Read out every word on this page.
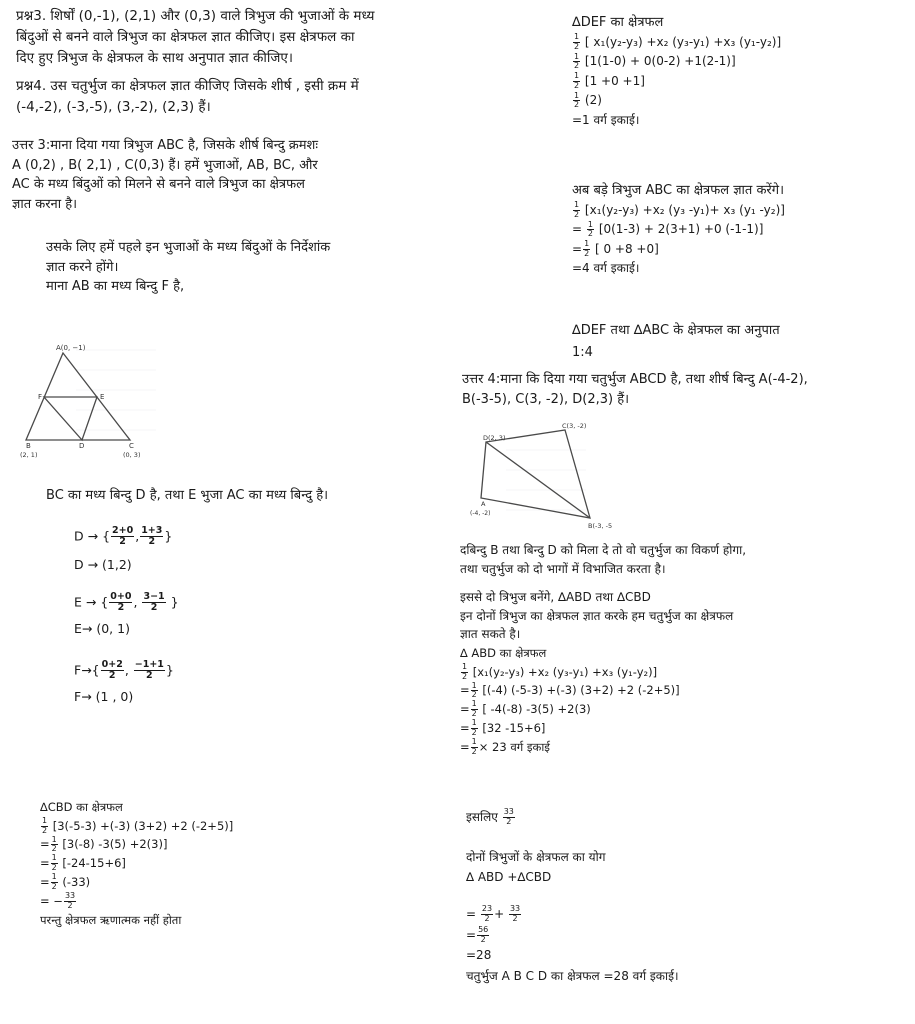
प्रश्न3. शिर्षों (0,-1), (2,1) और (0,3) वाले त्रिभुज की भुजाओं के मध्य
बिंदुओं से बनने वाले त्रिभुज का क्षेत्रफल ज्ञात कीजिए। इस क्षेत्रफल का
दिए हुए त्रिभुज के क्षेत्रफल के साथ अनुपात ज्ञात कीजिए।
प्रश्न4. उस चतुर्भुज का क्षेत्रफल ज्ञात कीजिए जिसके शीर्ष , इसी क्रम में
(-4,-2), (-3,-5), (3,-2), (2,3) हैं।
उत्तर 3:माना दिया गया त्रिभुज ABC है, जिसके शीर्ष बिन्दु क्रमशः
A (0,2) , B( 2,1) , C(0,3) हैं। हमें भुजाओं, AB, BC, और
AC के मध्य बिंदुओं को मिलने से बनने वाले त्रिभुज का क्षेत्रफल
ज्ञात करना है।
उसके लिए हमें पहले इन भुजाओं के मध्य बिंदुओं के निर्देशांक
ज्ञात करने होंगे।
माना AB का मध्य बिन्दु F है,
A(0, −1)
F	E
B
(2, 1)
D	C
(0, 3)
BC का मध्य बिन्दु D है, तथा E भुजा AC का मध्य बिन्दु है।
D → { $\frac{2+0}{2}$ , $\frac{1+3}{2}$ }
D → (1,2)
E → { $\frac{0+0}{2}$ , $\frac{3-1}{2}$ }
E→ (0, 1)
$F\to\{ \frac{0+2}{2}$ , $\frac{-1+1}{2}$ }
F→ (1 , 0)
∆CBD का क्षेत्रफल
$\frac{1}{2} [3(-5-3) +(-3)$ (3+2) +2 (-2+5)]
= $\frac{1}{2} [3(-8)$ -3(5) +2(3)]
= $\frac{1}{2} [-24-15+6]$
= $\frac{1}{2} (-33)$
= − $\frac{33}{2}$
परन्तु क्षेत्रफल ऋणात्मक नहीं होता
∆DEF का क्षेत्रफल
$\frac{1}{2}$ [ x₁(y₂-y₃) +x₂ (y₃-y₁) +x₃ (y₁-y₂)]
$\frac{1}{2} [1(1-0) + 0(0-2) +1(2-1)]$
$\frac{1}{2} [1 +0 +1]$
$\frac{1}{2} (2)$
=1 वर्ग इकाई।
अब बड़े त्रिभुज ABC का क्षेत्रफल ज्ञात करेंगे।
$\frac{1}{2} [x_1(y_2-y_3) +x_2$ (y₃ -y₁)+ x₃ (y₁ -y₂)]
= $\frac{1}{2} [0(1-3) + 2(3+1) +0$ (-1-1)]
= $\frac{1}{2}$ [ 0 +8 +0]
=4 वर्ग इकाई।
∆DEF तथा ∆ABC के क्षेत्रफल का अनुपात
1:4
उत्तर 4:माना कि दिया गया चतुर्भुज ABCD है, तथा शीर्ष बिन्दु A(-4-2),
B(-3-5), C(3, -2), D(2,3) हैं।
D(2, 3)
C(3, -2)
A
(-4, -2)
B(-3, -5
दबिन्दु B तथा बिन्दु D को मिला दे तो वो चतुर्भुज का विकर्ण होगा,
तथा चतुर्भुज को दो भागों में विभाजित करता है।
इससे दो त्रिभुज बनेंगे, ∆ABD तथा ∆CBD
इन दोनों त्रिभुज का क्षेत्रफल ज्ञात करके हम चतुर्भुज का क्षेत्रफल
ज्ञात सकते है।
∆ ABD का क्षेत्रफल
$\frac{1}{2} [x_1(y_2-y_3) +x_2$ (y₃-y₁) +x₃ (y₁-y₂)]
= $\frac{1}{2} [(-4)$ (-5-3) +(-3) (3+2) +2 (-2+5)]
= $\frac{1}{2}$ [ -4(-8) -3(5) +2(3)
= $\frac{1}{2} [32$ -15+6]
= $\frac{1}{2} \times 23$ वर्ग इकाई
इसलिए $\frac{33}{2}$
दोनों त्रिभुजों के क्षेत्रफल का योग
∆ ABD +∆CBD
= $\frac{23}{2} + \frac{33}{2}$
= $\frac{56}{2}$
=28
चतुर्भुज A B C D का क्षेत्रफल =28 वर्ग इकाई।
